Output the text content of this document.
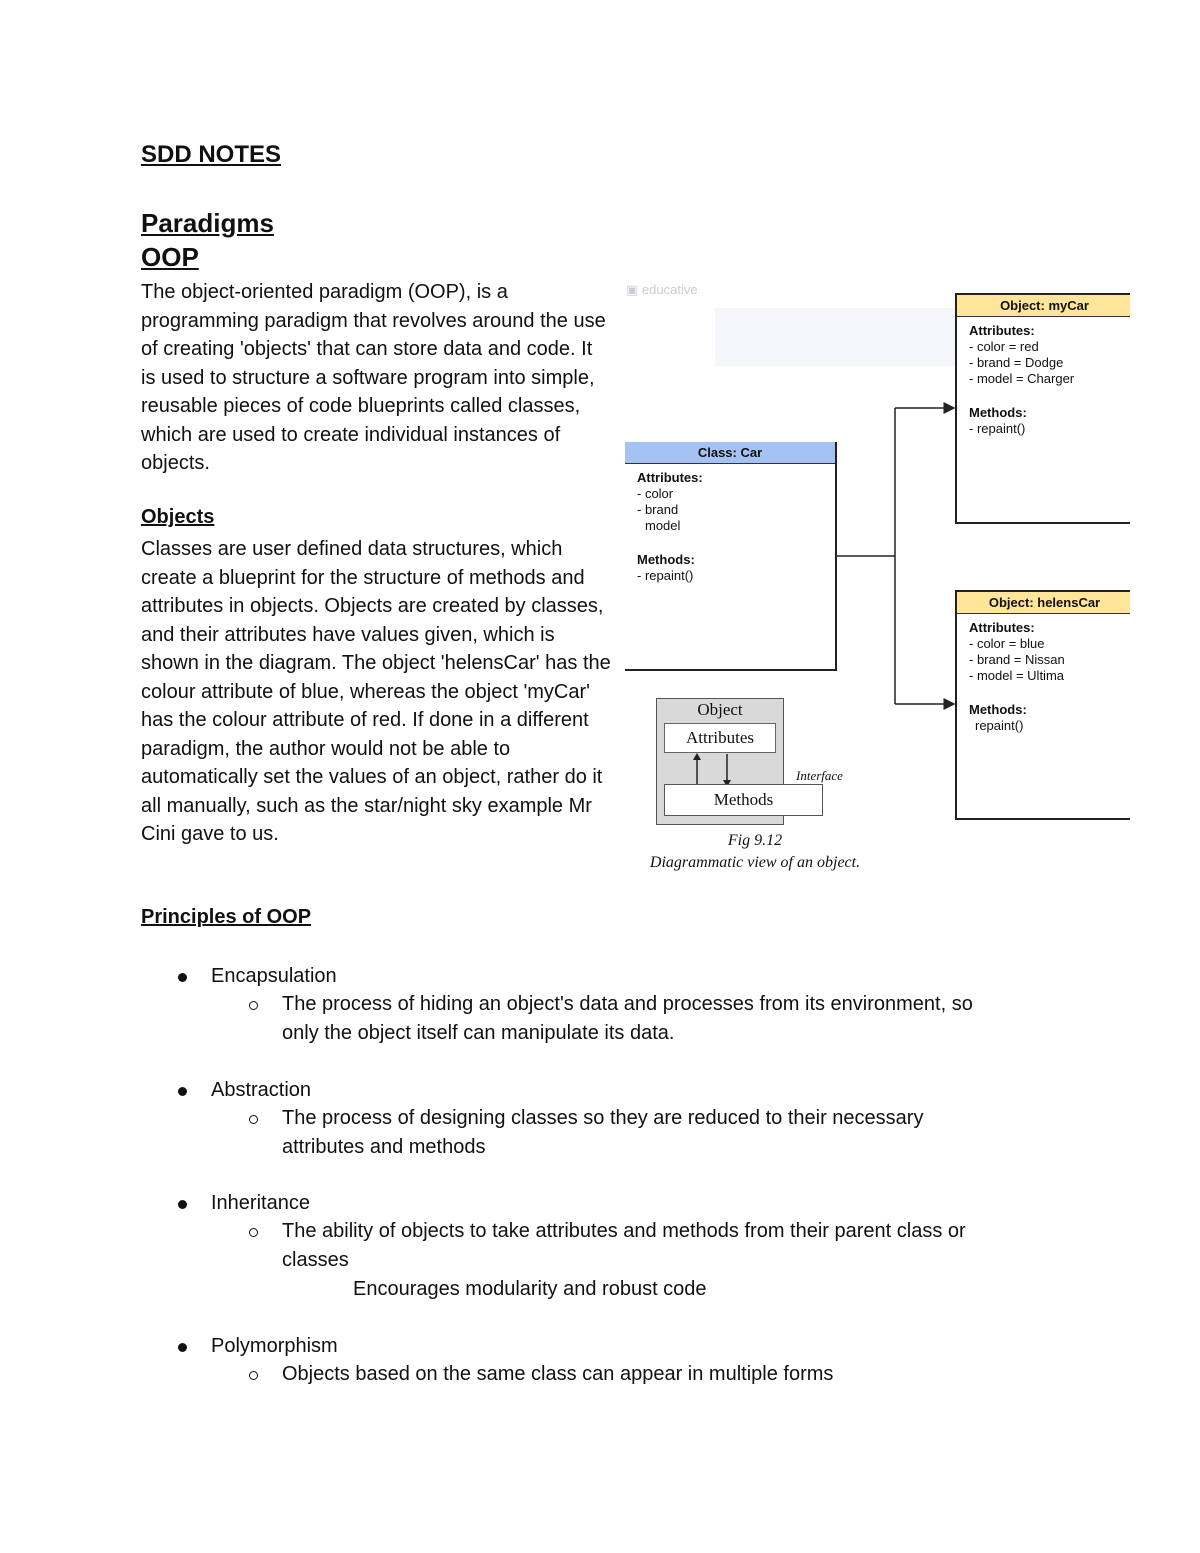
SDD NOTES
Paradigms
OOP

The object-oriented paradigm (OOP), is a programming paradigm that revolves around the use of creating 'objects' that can store data and code. It is used to structure a software program into simple, reusable pieces of code blueprints called classes, which are used to create individual instances of objects.

Objects

Classes are user defined data structures, which create a blueprint for the structure of methods and attributes in objects. Objects are created by classes, and their attributes have values given, which is shown in the diagram. The object 'helensCar' has the colour attribute of blue, whereas the object 'myCar' has the colour attribute of red. If done in a different paradigm, the author would not be able to automatically set the values of an object, rather do it all manually, such as the star/night sky example Mr Cini gave to us.

▣ educative
Class: Car
Attributes:
- color
- brand
model
Methods:
- repaint()
Object: myCar
Attributes:
- color = red
- brand = Dodge
- model = Charger
Methods:
- repaint()
Object: helensCar
Attributes:
- color = blue
- brand = Nissan
- model = Ultima
Methods:
repaint()
Object
Attributes
Methods
Interface
Fig 9.12
Diagrammatic view of an object.
Principles of OOP
Encapsulation
The process of hiding an object's data and processes from its environment, so
only the object itself can manipulate its data.
Abstraction
The process of designing classes so they are reduced to their necessary
attributes and methods
Inheritance
The ability of objects to take attributes and methods from their parent class or
classes
Encourages modularity and robust code
Polymorphism
Objects based on the same class can appear in multiple forms
